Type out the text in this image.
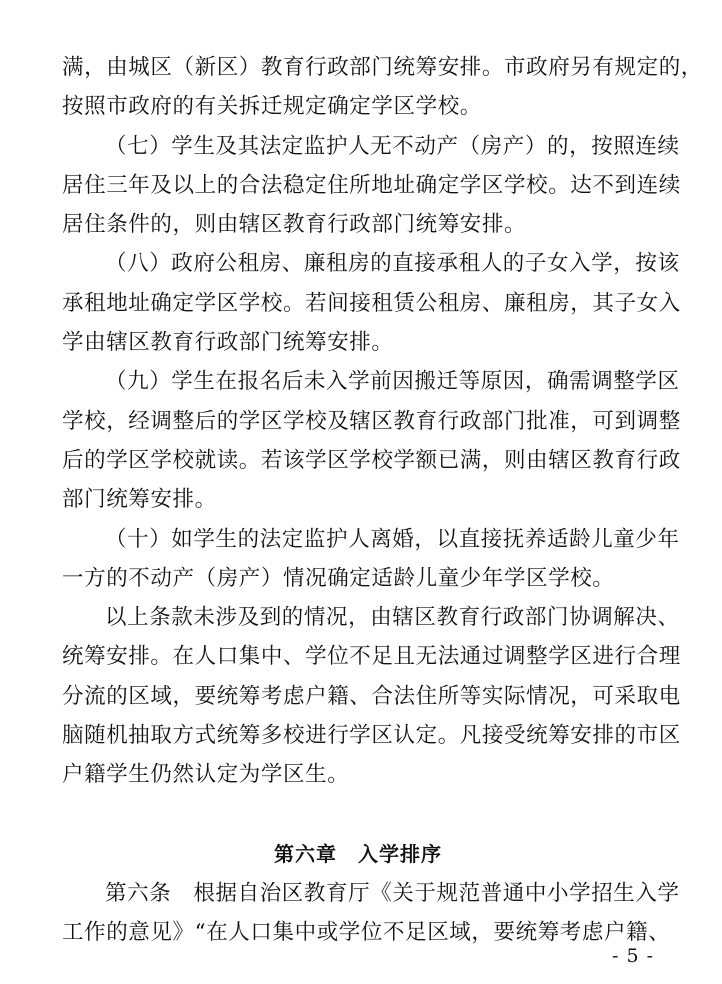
满，由城区（新区）教育行政部门统筹安排。市政府另有规定的，
按照市政府的有关拆迁规定确定学区学校。

（七）学生及其法定监护人无不动产（房产）的，按照连续
居住三年及以上的合法稳定住所地址确定学区学校。达不到连续
居住条件的，则由辖区教育行政部门统筹安排。

（八）政府公租房、廉租房的直接承租人的子女入学，按该
承租地址确定学区学校。若间接租赁公租房、廉租房，其子女入
学由辖区教育行政部门统筹安排。

（九）学生在报名后未入学前因搬迁等原因，确需调整学区
学校，经调整后的学区学校及辖区教育行政部门批准，可到调整
后的学区学校就读。若该学区学校学额已满，则由辖区教育行政
部门统筹安排。

（十）如学生的法定监护人离婚，以直接抚养适龄儿童少年
一方的不动产（房产）情况确定适龄儿童少年学区学校。

以上条款未涉及到的情况，由辖区教育行政部门协调解决、
统筹安排。在人口集中、学位不足且无法通过调整学区进行合理
分流的区域，要统筹考虑户籍、合法住所等实际情况，可采取电
脑随机抽取方式统筹多校进行学区认定。凡接受统筹安排的市区
户籍学生仍然认定为学区生。

第六章　入学排序

第六条　根据自治区教育厅《关于规范普通中小学招生入学
工作的意见》“在人口集中或学位不足区域，要统筹考虑户籍、

- 5 -
